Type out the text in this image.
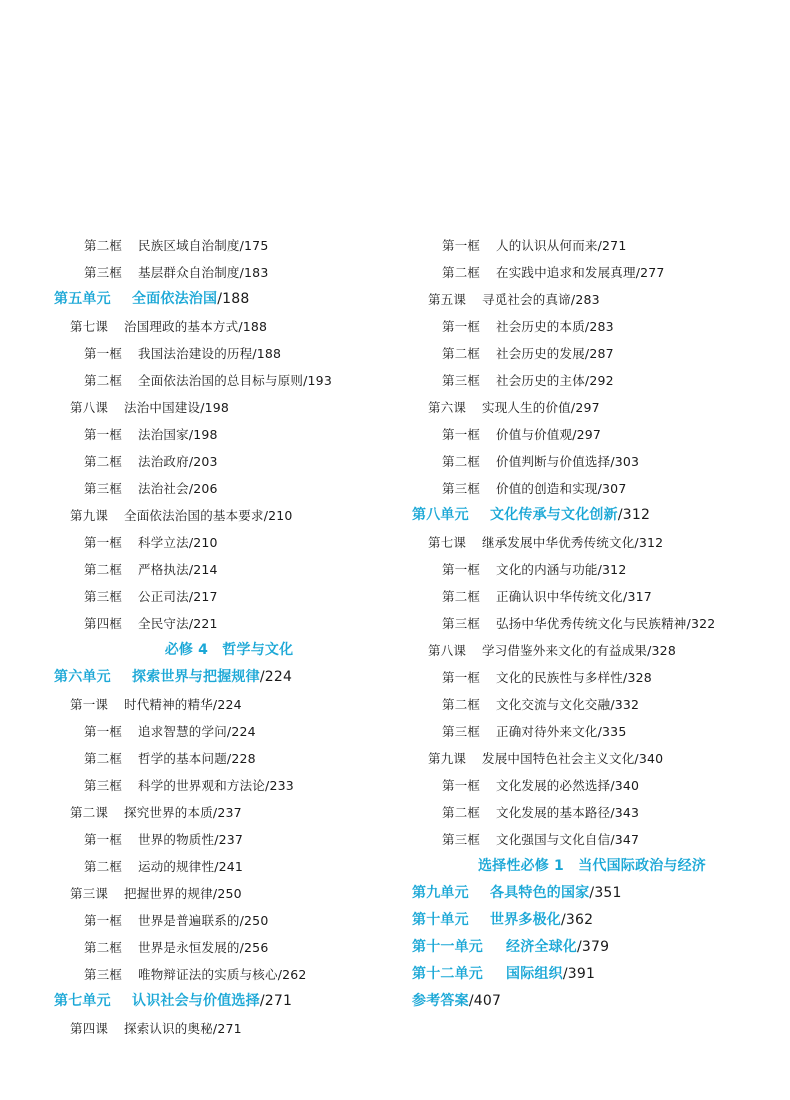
第二框 民族区域自治制度/175
第三框 基层群众自治制度/183
第五单元 全面依法治国/188
第七课 治国理政的基本方式/188
第一框 我国法治建设的历程/188
第二框 全面依法治国的总目标与原则/193
第八课 法治中国建设/198
第一框 法治国家/198
第二框 法治政府/203
第三框 法治社会/206
第九课 全面依法治国的基本要求/210
第一框 科学立法/210
第二框 严格执法/214
第三框 公正司法/217
第四框 全民守法/221
必修 4　哲学与文化
第六单元 探索世界与把握规律/224
第一课 时代精神的精华/224
第一框 追求智慧的学问/224
第二框 哲学的基本问题/228
第三框 科学的世界观和方法论/233
第二课 探究世界的本质/237
第一框 世界的物质性/237
第二框 运动的规律性/241
第三课 把握世界的规律/250
第一框 世界是普遍联系的/250
第二框 世界是永恒发展的/256
第三框 唯物辩证法的实质与核心/262
第七单元 认识社会与价值选择/271
第四课 探索认识的奥秘/271
第一框 人的认识从何而来/271
第二框 在实践中追求和发展真理/277
第五课 寻觅社会的真谛/283
第一框 社会历史的本质/283
第二框 社会历史的发展/287
第三框 社会历史的主体/292
第六课 实现人生的价值/297
第一框 价值与价值观/297
第二框 价值判断与价值选择/303
第三框 价值的创造和实现/307
第八单元 文化传承与文化创新/312
第七课 继承发展中华优秀传统文化/312
第一框 文化的内涵与功能/312
第二框 正确认识中华传统文化/317
第三框 弘扬中华优秀传统文化与民族精神/322
第八课 学习借鉴外来文化的有益成果/328
第一框 文化的民族性与多样性/328
第二框 文化交流与文化交融/332
第三框 正确对待外来文化/335
第九课 发展中国特色社会主义文化/340
第一框 文化发展的必然选择/340
第二框 文化发展的基本路径/343
第三框 文化强国与文化自信/347
选择性必修 1　当代国际政治与经济
第九单元 各具特色的国家/351
第十单元 世界多极化/362
第十一单元 经济全球化/379
第十二单元 国际组织/391
参考答案/407
